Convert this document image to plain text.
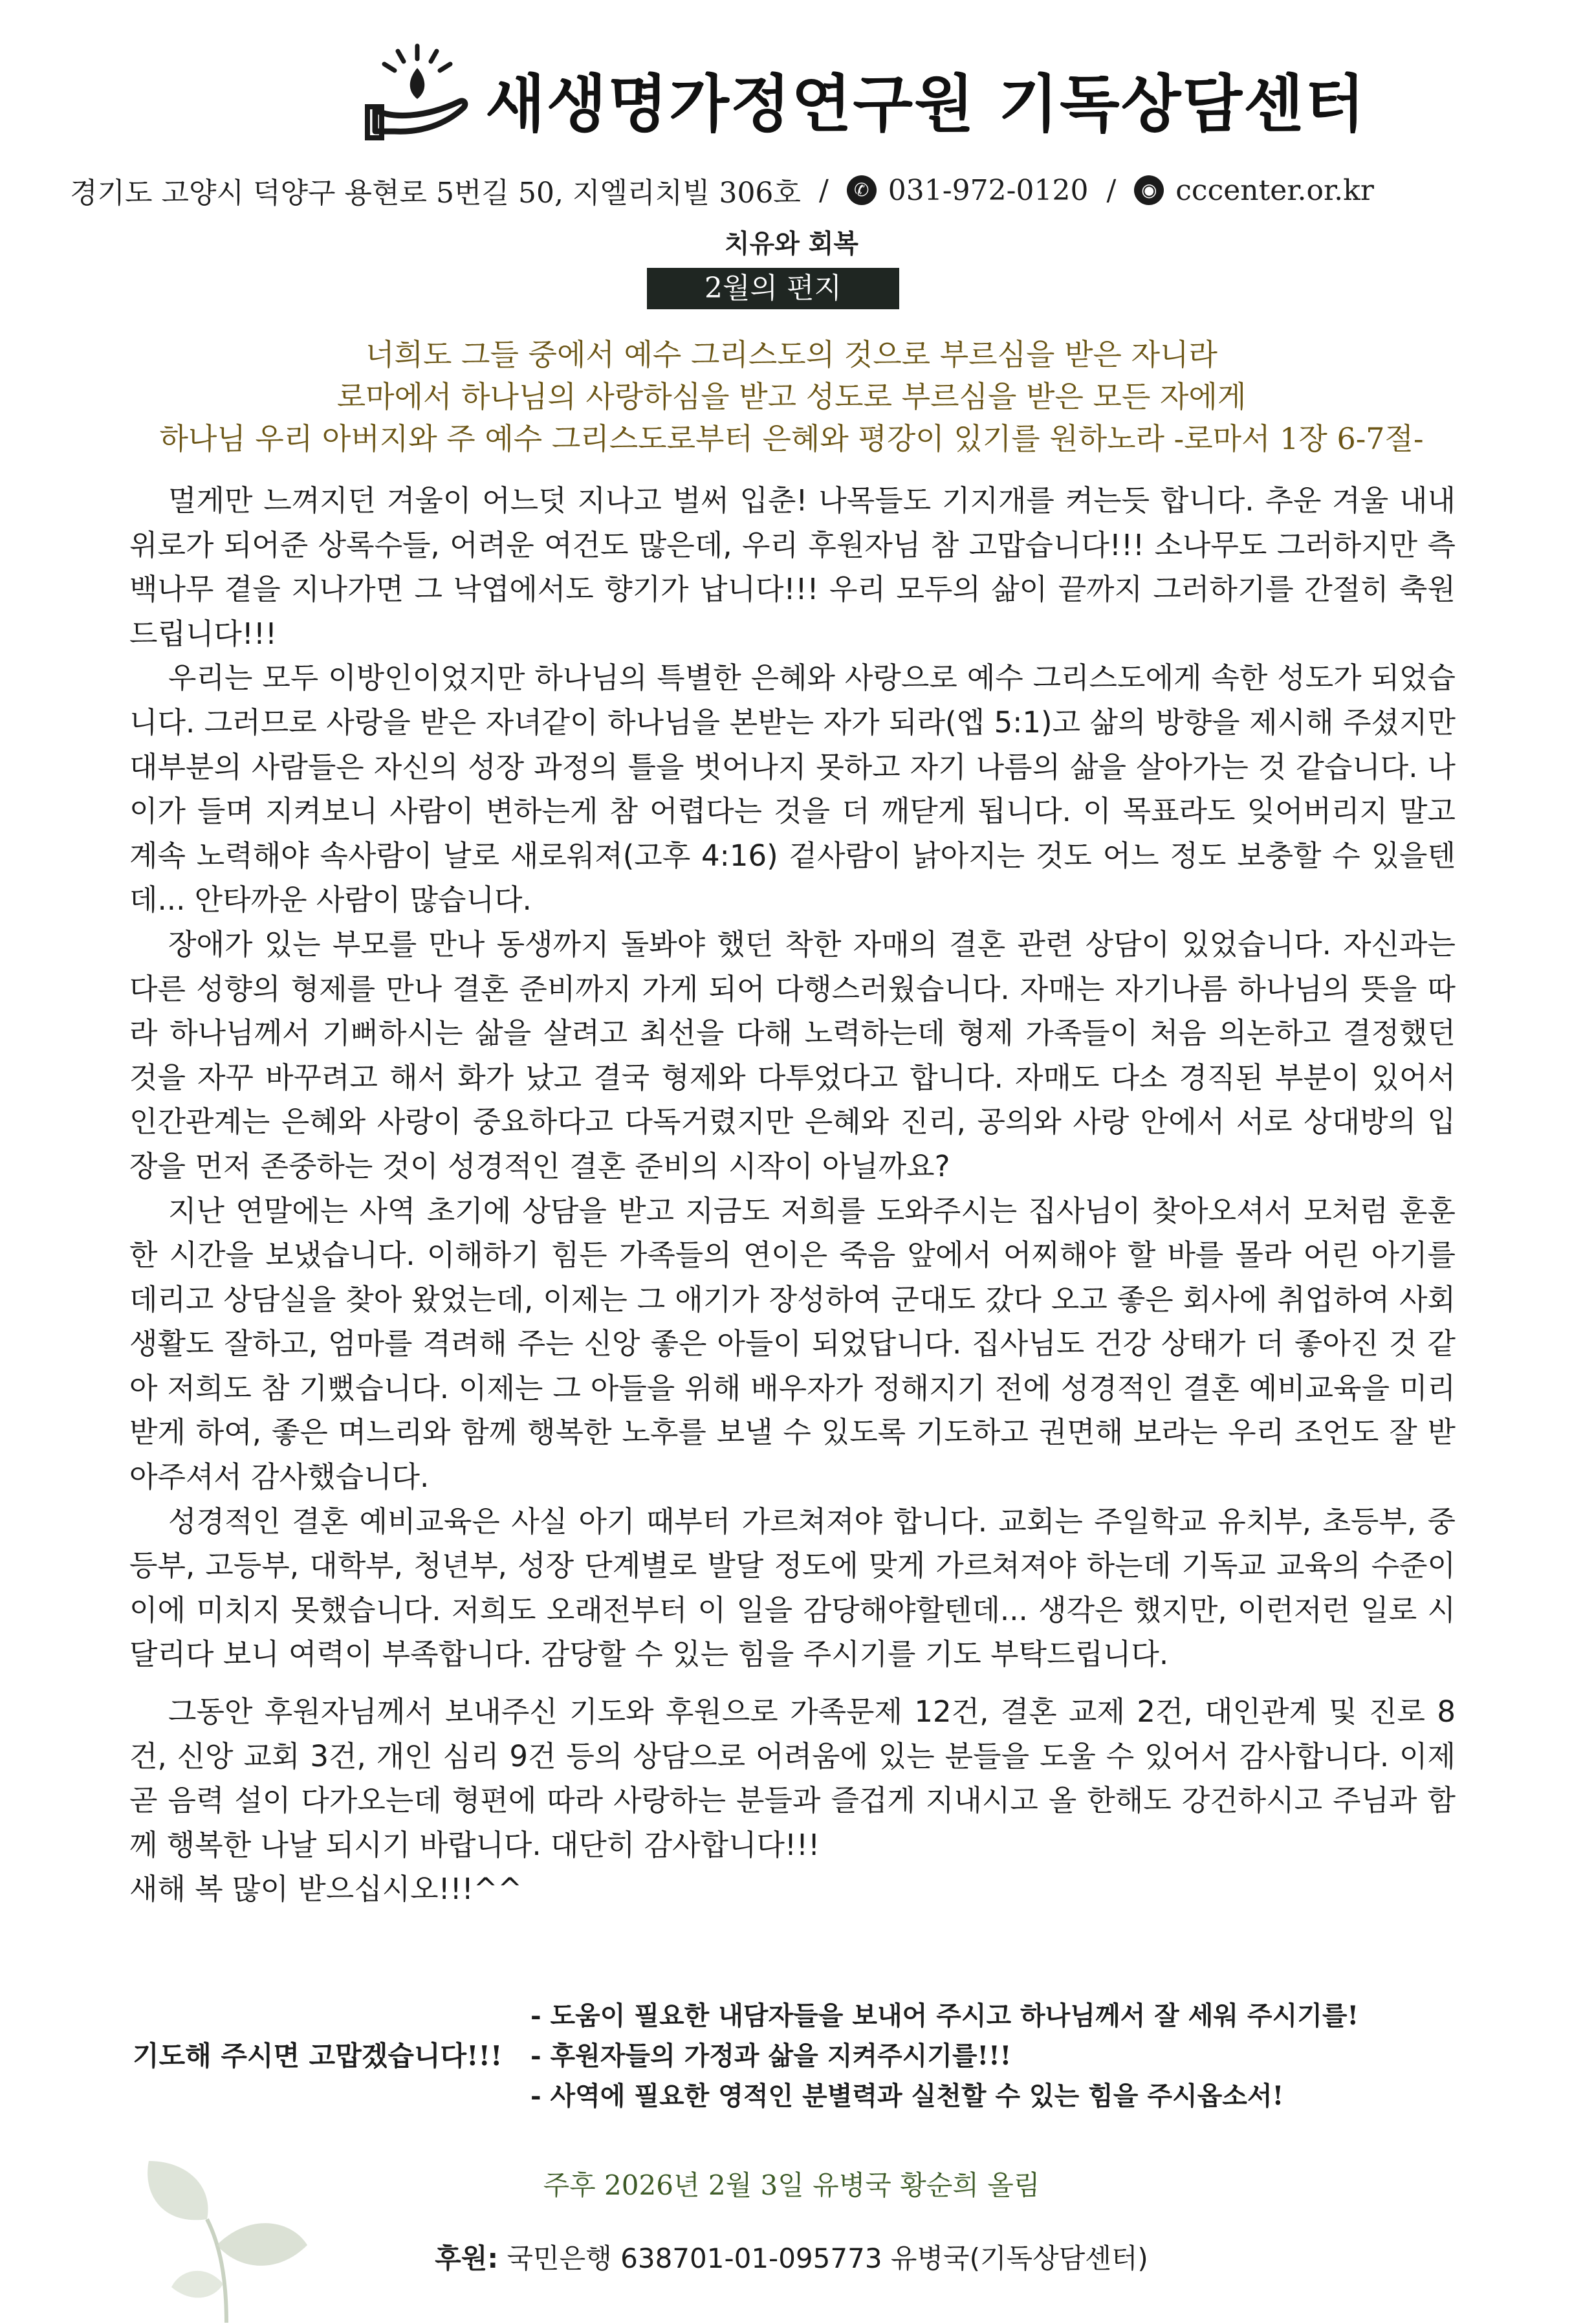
새생명가정연구원 기독상담센터
경기도 고양시 덕양구 용현로 5번길 50, 지엘리치빌 306호 /	✆ 031-972-0120 /	◉ cccenter.or.kr
치유와 회복
2월의 편지
너희도 그들 중에서 예수 그리스도의 것으로 부르심을 받은 자니라
로마에서 하나님의 사랑하심을 받고 성도로 부르심을 받은 모든 자에게
하나님 우리 아버지와 주 예수 그리스도로부터 은혜와 평강이 있기를 원하노라 -로마서 1장 6-7절-

멀게만 느껴지던 겨울이 어느덧 지나고 벌써 입춘! 나목들도 기지개를 켜는듯 합니다. 추운 겨울 내내 위로가 되어준 상록수들, 어려운 여건도 많은데, 우리 후원자님 참 고맙습니다!!! 소나무도 그러하지만 측백나무 곁을 지나가면 그 낙엽에서도 향기가 납니다!!! 우리 모두의 삶이 끝까지 그러하기를 간절히 축원드립니다!!!

우리는 모두 이방인이었지만 하나님의 특별한 은혜와 사랑으로 예수 그리스도에게 속한 성도가 되었습니다. 그러므로 사랑을 받은 자녀같이 하나님을 본받는 자가 되라(엡 5:1)고 삶의 방향을 제시해 주셨지만 대부분의 사람들은 자신의 성장 과정의 틀을 벗어나지 못하고 자기 나름의 삶을 살아가는 것 같습니다. 나이가 들며 지켜보니 사람이 변하는게 참 어렵다는 것을 더 깨닫게 됩니다. 이 목표라도 잊어버리지 말고 계속 노력해야 속사람이 날로 새로워져(고후 4:16) 겉사람이 낡아지는 것도 어느 정도 보충할 수 있을텐데... 안타까운 사람이 많습니다.

장애가 있는 부모를 만나 동생까지 돌봐야 했던 착한 자매의 결혼 관련 상담이 있었습니다. 자신과는 다른 성향의 형제를 만나 결혼 준비까지 가게 되어 다행스러웠습니다. 자매는 자기나름 하나님의 뜻을 따라 하나님께서 기뻐하시는 삶을 살려고 최선을 다해 노력하는데 형제 가족들이 처음 의논하고 결정했던 것을 자꾸 바꾸려고 해서 화가 났고 결국 형제와 다투었다고 합니다. 자매도 다소 경직된 부분이 있어서 인간관계는 은혜와 사랑이 중요하다고 다독거렸지만 은혜와 진리, 공의와 사랑 안에서 서로 상대방의 입장을 먼저 존중하는 것이 성경적인 결혼 준비의 시작이 아닐까요?

지난 연말에는 사역 초기에 상담을 받고 지금도 저희를 도와주시는 집사님이 찾아오셔서 모처럼 훈훈한 시간을 보냈습니다. 이해하기 힘든 가족들의 연이은 죽음 앞에서 어찌해야 할 바를 몰라 어린 아기를 데리고 상담실을 찾아 왔었는데, 이제는 그 애기가 장성하여 군대도 갔다 오고 좋은 회사에 취업하여 사회생활도 잘하고, 엄마를 격려해 주는 신앙 좋은 아들이 되었답니다. 집사님도 건강 상태가 더 좋아진 것 같아 저희도 참 기뻤습니다. 이제는 그 아들을 위해 배우자가 정해지기 전에 성경적인 결혼 예비교육을 미리 받게 하여, 좋은 며느리와 함께 행복한 노후를 보낼 수 있도록 기도하고 권면해 보라는 우리 조언도 잘 받아주셔서 감사했습니다.

성경적인 결혼 예비교육은 사실 아기 때부터 가르쳐져야 합니다. 교회는 주일학교 유치부, 초등부, 중등부, 고등부, 대학부, 청년부, 성장 단계별로 발달 정도에 맞게 가르쳐져야 하는데 기독교 교육의 수준이 이에 미치지 못했습니다. 저희도 오래전부터 이 일을 감당해야할텐데... 생각은 했지만, 이런저런 일로 시달리다 보니 여력이 부족합니다. 감당할 수 있는 힘을 주시기를 기도 부탁드립니다.

그동안 후원자님께서 보내주신 기도와 후원으로 가족문제 12건, 결혼 교제 2건, 대인관계 및 진로 8건, 신앙 교회 3건, 개인 심리 9건 등의 상담으로 어려움에 있는 분들을 도울 수 있어서 감사합니다. 이제 곧 음력 설이 다가오는데 형편에 따라 사랑하는 분들과 즐겁게 지내시고 올 한해도 강건하시고 주님과 함께 행복한 나날 되시기 바랍니다. 대단히 감사합니다!!!

새해 복 많이 받으십시오!!!^^

기도해 주시면 고맙겠습니다!!!
- 도움이 필요한 내담자들을 보내어 주시고 하나님께서 잘 세워 주시기를!
- 후원자들의 가정과 삶을 지켜주시기를!!!
- 사역에 필요한 영적인 분별력과 실천할 수 있는 힘을 주시옵소서!
주후 2026년 2월 3일 유병국 황순희 올림
후원: 국민은행 638701-01-095773 유병국(기독상담센터)
